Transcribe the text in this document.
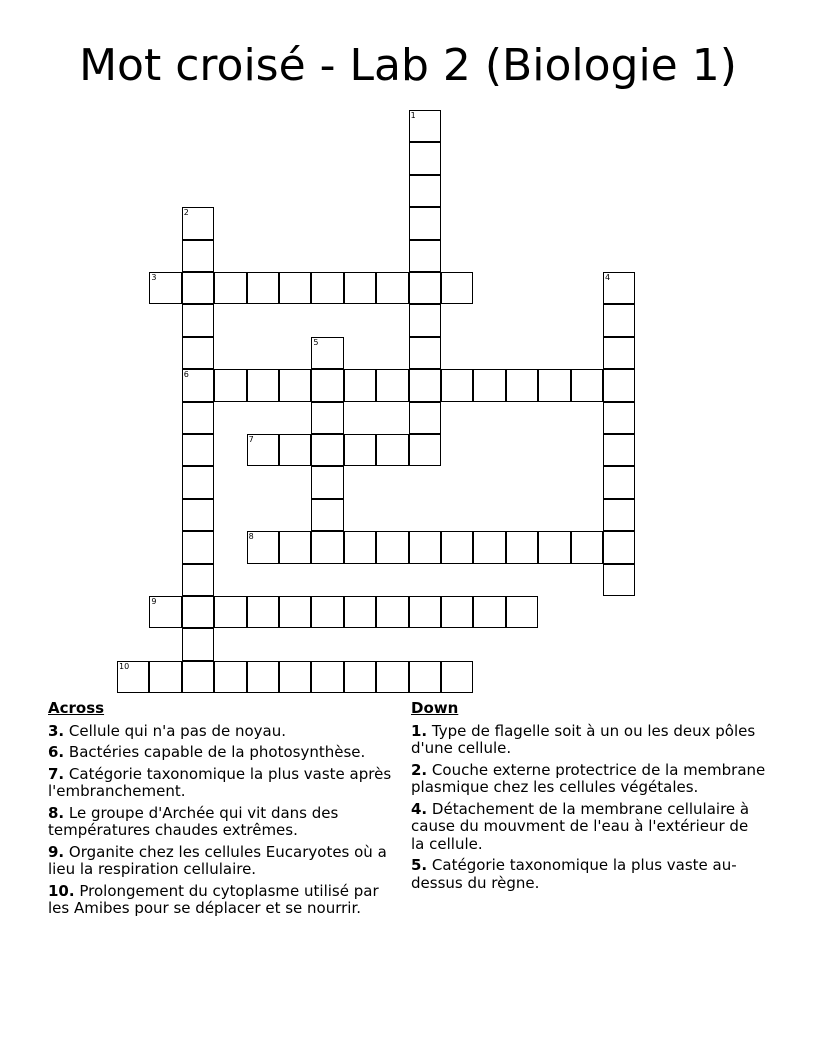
Mot croisé - Lab 2 (Biologie 1)
1
2
6
3	4
5
7
8
9
10
Across
3. Cellule qui n'a pas de noyau.
6. Bactéries capable de la photosynthèse.
7. Catégorie taxonomique la plus vaste après l'embranchement.
8. Le groupe d'Archée qui vit dans des températures chaudes extrêmes.
9. Organite chez les cellules Eucaryotes où a lieu la respiration cellulaire.
10. Prolongement du cytoplasme utilisé par les Amibes pour se déplacer et se nourrir.
Down
1. Type de flagelle soit à un ou les deux pôles d'une cellule.
2. Couche externe protectrice de la membrane plasmique chez les cellules végétales.
4. Détachement de la membrane cellulaire à cause du mouvment de l'eau à l'extérieur de la cellule.
5. Catégorie taxonomique la plus vaste au-dessus du règne.
